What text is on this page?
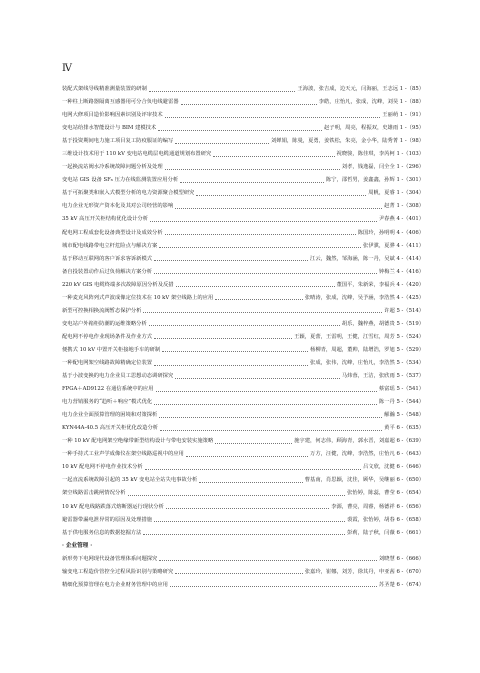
Ⅳ
装配式架线导线精准测量装置的研制	王海波，张吉成，边天元，闫海丽，王志远 1 -（85）
一种柱上断路器隔离互感器用可分合负电线避雷器	李皓，庄怡凡，张成，沈峰，刘昊 1 -（88）
电网大修项目造价影响因素识别及评审技术	王丽萌 1 -（91）
变电站给排水智能设计与 BIM 建模技术	赵子明，周亮，程振双，史雄雨 1 -（95）
基于投资期间电力施工项目复工防疫服证的编写	刘婵娟，陈曼，夏勇，姜铁松，朱亮，金小华，陆秀菁 1 -（98）
三维设计技术用于 110 kV 变电站电缆层电缆通道规划布置研究	祝晓骏，陈佳琪，李芮柯 1 -（103）
一起换流站阀水冷系统故障问题分析及处理	刘孝，钱逸磊，闫全全 1 -（296）
变电站 GIS 设备 SF₆ 压力在线监测装置应用分析	陈宁，邵哲男，姜鑫鑫，孙辉 1 -（301）
基于可拓聚类和嵌入式模型分析的电力资源聚合模型研究	周帆，夏睿 1 -（304）
电力企业无形资产资本化及其对公司经营的影响	赵菁 1 -（308）
35 kV 高压开关柜结构优化设计分析	尹春燕 4 -（401）
配电网工程成套化设备典型设计及成效分析	陈国玲，孙明明 4 -（406）
城市配电线路带电立杆危险点与解决方案	张伊骐，夏骅 4 -（411）
基于移动互联网的客户诉求客诉新模式	江云，魏然，邹海涵，陈一丹，吴斌 4 -（414）
备自投装置动作后过负荷解决方案分析	钟梅兰 4 -（416）
220 kV GIS 电缆终端多次故障原因分析及反措	董国平，朱新荣，李福兵 4 -（420）
一种麦克风阵列式声波成像定位技术在 10 kV 架空线路上的应用	张晴涛，张成，沈峰，吴予涵，李浩然 4 -（425）
新型可控换相换流阀暂态保护分析	许超 5 -（514）
变电站户外箱柜防潮的运维策略分析	胡乐，魏梓燕，胡德贵 5 -（519）
配电网不停电作业现场条件及作业方式	王颖，夏蕾，王雷明，王健，江雪红，周芳 5 -（524）
便携式 10 kV 中置开关柜接地手车的研制	杨柳青，周超，董帅，陆增浩，罗旭 5 -（529）
一种配电网架空线路故障精确定位装置	张成，张伟，沈峰，庄怡凡，李浩然 5 -（534）
基于小波变换的电力企业员工思想动态调研探究	马炜蓉，王洁，张欣雨 5 -（537）
FPGA＋AD9122 在通信系统中的应用	蔡富瑶 5 -（541）
电力营销服务的“趋听＋响应”模式优化	陈一丹 5 -（544）
电力企业全面预算管理的困境和对策探析	解瀚 5 -（548）
KYN44A-40.5 高压开关柜优化改造分析	黄平 6 -（635）
一种 10 kV 配电网架空绝缘带新型结构设计与带电安装实施策略	施宇建，何志伟，顾海青，郭水晋，刘嘉超 6 -（639）
一种手持式工业声学成像仪在架空线路巡视中的应用	万方，汪健，沈峰，李浩然，庄怡凡 6 -（643）
10 kV 配电网不停电作业技术分析	吕文欣，沈健 6 -（646）
一起直流系统故障引起的 35 kV 变电站全站失电事故分析	曹基南，肖思颖，沈佳，顾华，吴继丽 6 -（650）
架空线路雷击跳闸情况分析	张怡婷，陈蕊，曹莹 6 -（654）
10 kV 配电线路跌落式熔断器运行现状分析	李源，曹亮，周睿，杨德祥 6 -（656）
避雷器带漏电泄异常的原因及处理措施	裘霞，张怡婷，胡春 6 -（658）
基于供电服务信息的数据挖掘方法	彭莉，陆子秋，闫薇 6 -（661）
· 企业管理 ·
新形势下电网现代设备管理体系问题探究	刘晓慧 6 -（666）
输变电工程造价管控全过程风险识别与策略研究	张嘉玲，崔娜，刘芳，徐其丹，申亚茜 6 -（670）
精细化预算管理在电力企业财务管理中的应用	苏圣楚 6 -（674）
